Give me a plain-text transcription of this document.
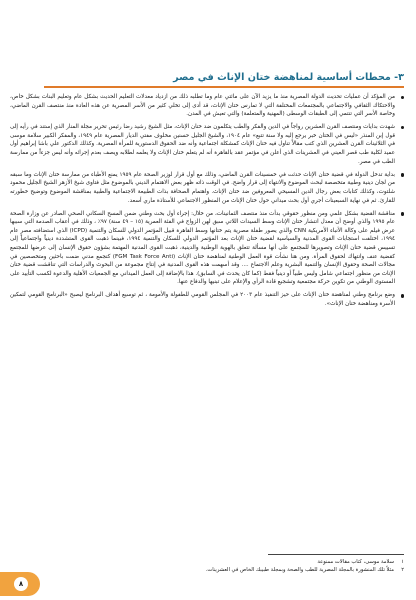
٣- محطات أساسية لمناهضة ختان الإناث في مصر
من المؤكد أن عمليات تحديث الدولة المصرية منذ ما يزيد الآن على مائتي عام وما تطلبه ذلك من ازدياد معدلات التعليم الحديث بشكل عام وتعليم البنات بشكل خاص، والاحتكاك الثقافي والاجتماعي بالمجتمعات المختلفة التي لا تمارس ختان الإناث، قد أدى إلى تخلي كثير من الأسر المصرية عن هذه العادة منذ منتصف القرن الماضي، وخاصة الأسر التي تنتمي إلى الطبقات الوسطى (المهنية والمتعلمة) والتي تعيش في المدن.
شهدت بدايات ومنتصف القرن العشرين رواجاً في الدين والفكر والطب يتكلمون ضد ختان الإناث، مثل الشيخ رشيد رضا رئيس تحرير مجلة المنار الذي إستند في رأيه إلى قول إبن المنذر «ليس في الختان خبر يرجع إليه ولا سنة تتبع» عام ١٩٠٤، والشيخ الجليل حسنين مخلوف مفتي الديار المصرية عام ١٩٤٩، والمفكر الكبير سلامة موسى في الثلاثينات القرن العشرين الذي كتب مقالاً تناول فيه ختان الإناث كمشكلة اجتماعية وأنه ضد الحقوق الدستورية للمرأة المصرية. وكذلك الدكتور علي باشا إبراهيم أول عميد لكلية طب قصر العيني في العشرينات الذي أعلن في مؤتمر عقد بالقاهرة أنه لم يتعلم ختان الإناث ولا يعلمه لطلابه ويصف بعدم إجرائه وأنه ليس جزءاً من ممارسة الطب في مصر.
بداية تدخل الدولة في قضية ختان الإناث حدثت في خمسينات القرن الماضي، وذلك مع أول قرار لوزير الصحة عام ١٩٥٩ يمنع الأطباء من ممارسة ختان الإناث وما سبقه من لجان دينية وطبية متخصصة لبحث الموضوع والانتهاء إلى قرار واضح. في الوقت ذاته ظهر بعض الاهتمام الديني بالموضوع مثل فتاوى شيخ الأزهر الشيخ الجليل محمود شلتوت، وكذلك كتابات بعض رجال الدين المسيحي المعروفين ضد ختان الإناث. واهتمام الصحافة بذات الطبيعة الاجتماعية والطبية بمناقشة الموضوع وتوضيح خطورته للقارئ. ثم في نهاية السبعينات أجري أول بحث ميداني حول ختان الإناث من المنظور الاجتماعي للأستاذة ماري أسعد.
مناقشة القضية بشكل علمي ومن منظور حقوقي بدأت منذ منتصف الثمانينات، من خلال: إجراء أول بحث وطني ضمن المسح السكاني الصحي الصادر عن وزارة الصحة عام ١٩٩٥ والذي أوضح أن معدل انتشار ختان الإناث وسط السيدات اللاتي سبق لهن الزواج في الفئة العمرية (١٥ – ٤٩ سنة) ٩٧٪ ، وذلك في أعقاب الصدمة التي سببها عرض فيلم على وكالة الأنباء الأمريكية CNN والذي يصور طفلة مصرية يتم ختانها وسط القاهرة قبيل المؤتمر الدولي للسكان والتنمية (ICPD) الذي استضافته مصر عام ١٩٩٤، اختلفت استجابات القوى المدنية والسياسية لقضية ختان الإناث بعد المؤتمر الدولي للسكان والتنمية ١٩٩٤، فبينما ذهبت القوى المتشددة دينياً واجتماعياً إلى تسييس قضية ختان الإناث وتصويرها للمجتمع على أنها مسألة تتعلق بالهوية الوطنية والدينية، ذهبت القوى المدنية المهتمة بشؤون حقوق الإنسان إلى عرضها للمجتمع كقضية عنف وانتهاك لحقوق المرأة. ومن هنا نشأت قوة العمل الوطنية لمناهضة ختان الإناث (FGM Task Force Anti) كتجمع مدني ضمت باحثين ومتخصصين في مجالات الصحة وحقوق الإنسان والتنمية البشرية وعلم الاجتماع .... وقد أسهمت هذه القوى المدنية في إنتاج مجموعة من البحوث والدراسات التي تناقشت قضية ختان الإناث من منظور اجتماعي شامل وليس طبياً أو دينياً فقط (كما كان يحدث في السابق). هذا بالإضافة إلى العمل الميداني مع الجمعيات الأهلية والدعوة لكسب التأييد على المستوى الوطني من تكوين حركة مجتمعية وتشجيع قادة الرأي والإعلام على تبنيها والدفاع عنها.
وضع برنامج وطني لمناهضة ختان الإناث على حيز التنفيذ عام ٢٠٠٣ في المجلس القومي للطفولة والأمومة ، ثم توسيع أهداف البرنامج ليصبح «البرنامج القومي لتمكين الأسرة ومناهضة ختان الإناث».
١
سلامة موسى، كتاب مقالات ممنوعة
٢
مثلاً تلك المنشورة بالمجلة المصرية للطب والصحة وبمجلة طبيبك الخاص في العشرينات.
٨
